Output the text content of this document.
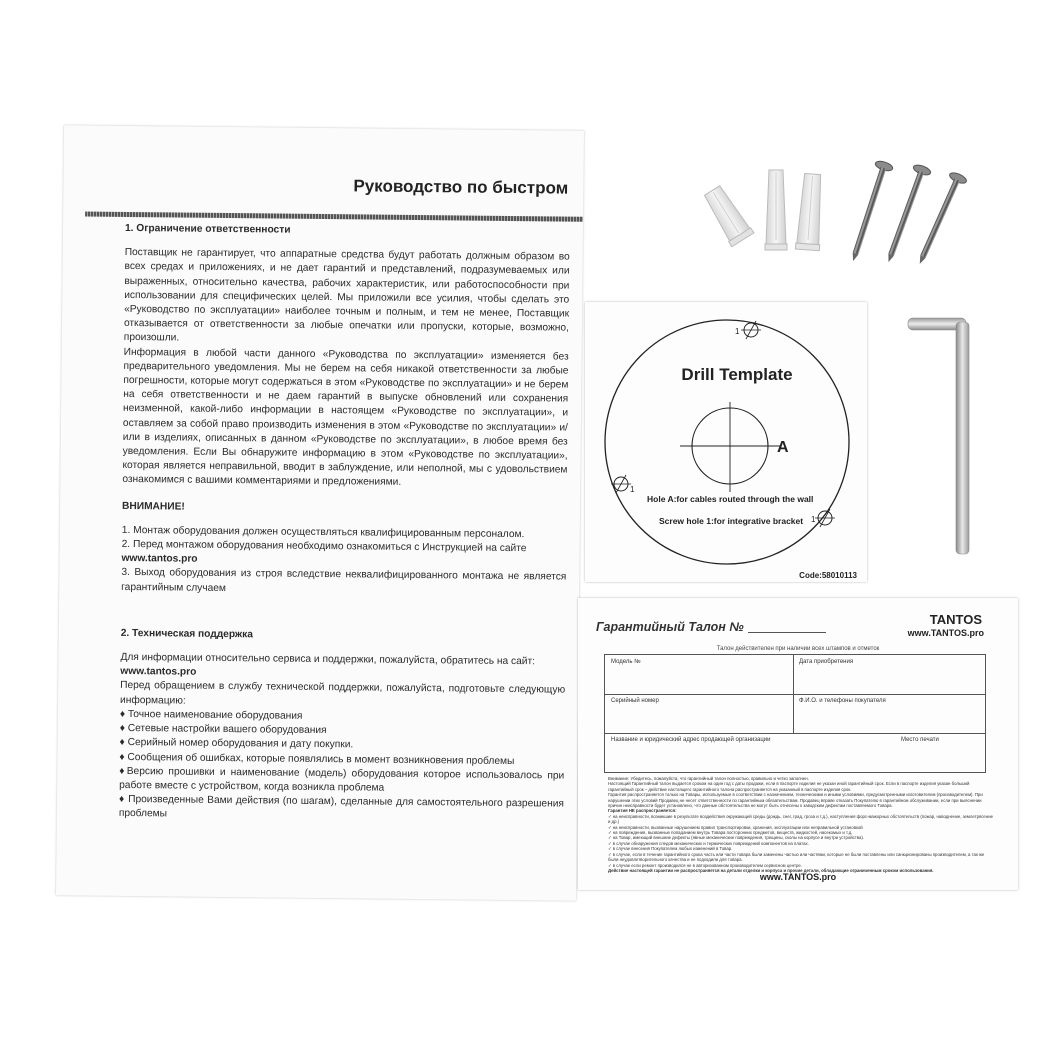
Руководство по быстром
1. Ограничение ответственности

Поставщик не гарантирует, что аппаратные средства будут работать должным образом во всех средах и приложениях, и не дает гарантий и представлений, подразумеваемых или выраженных, относительно качества, рабочих характеристик, или работоспособности при использовании для специфических целей. Мы приложили все усилия, чтобы сделать это «Руководство по эксплуатации» наиболее точным и полным, и тем не менее, Поставщик отказывается от ответственности за любые опечатки или пропуски, которые, возможно, произошли.

Информация в любой части данного «Руководства по эксплуатации» изменяется без предварительного уведомления. Мы не берем на себя никакой ответственности за любые погрешности, которые могут содержаться в этом «Руководстве по эксплуатации» и не берем на себя ответственности и не даем гарантий в выпуске обновлений или сохранения неизменной, какой-либо информации в настоящем «Руководстве по эксплуатации», и оставляем за собой право производить изменения в этом «Руководстве по эксплуатации» и/или в изделиях, описанных в данном «Руководстве по эксплуатации», в любое время без уведомления. Если Вы обнаружите информацию в этом «Руководстве по эксплуатации», которая является неправильной, вводит в заблуждение, или неполной, мы с удовольствием ознакомимся с вашими комментариями и предложениями.

ВНИМАНИЕ!

1. Монтаж оборудования должен осуществляться квалифицированным персоналом.

2. Перед монтажом оборудования необходимо ознакомиться с Инструкцией на сайте

www.tantos.pro

3. Выход оборудования из строя вследствие неквалифицированного монтажа не является гарантийным случаем

2. Техническая поддержка

Для информации относительно сервиса и поддержки, пожалуйста, обратитесь на сайт:

www.tantos.pro

Перед обращением в службу технической поддержки, пожалуйста, подготовьте следующую информацию:

♦ Точное наименование оборудования
♦ Сетевые настройки вашего оборудования
♦ Серийный номер оборудования и дату покупки.
♦ Сообщения об ошибках, которые появлялись в момент возникновения проблемы
♦Версию прошивки и наименование (модель) оборудования которое использовалось при работе вместе с устройством, когда возникла проблема
♦ Произведенные Вами действия (по шагам), сделанные для самостоятельного разрешения проблемы
Drill Template
A
1
1
1
Hole A:for cables routed through the wall
Screw hole 1:for integrative bracket
Code:58010113
Гарантийный Талон №	TANTOS
www.TANTOS.pro
Талон действителен при наличии всех штампов и отметок
Модель №	Дата приобретения
Серийный номер	Ф.И.О. и телефоны покупателя
Название и юридический адрес продающей организации	Место печати

Внимание: Убедитесь, пожалуйста, что гарантийный талон полностью, правильно и четко заполнен.

Настоящий Гарантийный талон выдается сроком на один год с даты продажи, если в паспорте изделия не указан иной гарантийный срок. Если в паспорте изделия указан больший гарантийный срок – действие настоящего гарантийного талона распространяется на указанный в паспорте изделия срок.

Гарантия распространяется только на Товары, используемые в соответствии с назначением, техническими и иными условиями, предусмотренными изготовителем (производителем). При нарушении этих условий Продавец не несет ответственности по гарантийным обязательствам. Продавец вправе отказать Покупателю в гарантийном обслуживании, если при выяснении причин неисправности будет установлено, что данные обстоятельства не могут быть отнесены к заводским дефектам поставляемого Товара.

Гарантия НЕ распространяется:

✓ на неисправности, возникшие в результате воздействия окружающей среды (дождь, снег, град, гроза и т.д.), наступления форс-мажорных обстоятельств (пожар, наводнение, землетрясение и др.)

✓ на неисправности, вызванные нарушением правил транспортировки, хранения, эксплуатации или неправильной установкой

✓ на повреждения, вызванные попаданием внутрь Товара посторонних предметов, веществ, жидкостей, насекомых и т.д.

✓ на Товар, имеющий внешние дефекты (явные механические повреждения, трещины, сколы на корпусе и внутри устройства).

✓ в случае обнаружения следов механических и термических повреждений компонентов на платах.

✓ в случае внесения Покупателем любых изменений в Товар.

✓ в случае, если в течение гарантийного срока часть или части товара были заменены частью или частями, которые не были поставлены или санкционированы производителем, а так же были неудовлетворительного качества и не подходили для товара.

✓ в случае если ремонт производился не в авторизованном производителем сервисном центре.

Действие настоящей гарантии не распространяется на детали отделки и корпуса и прочие детали, обладающие ограниченным сроком использования.

www.TANTOS.pro
